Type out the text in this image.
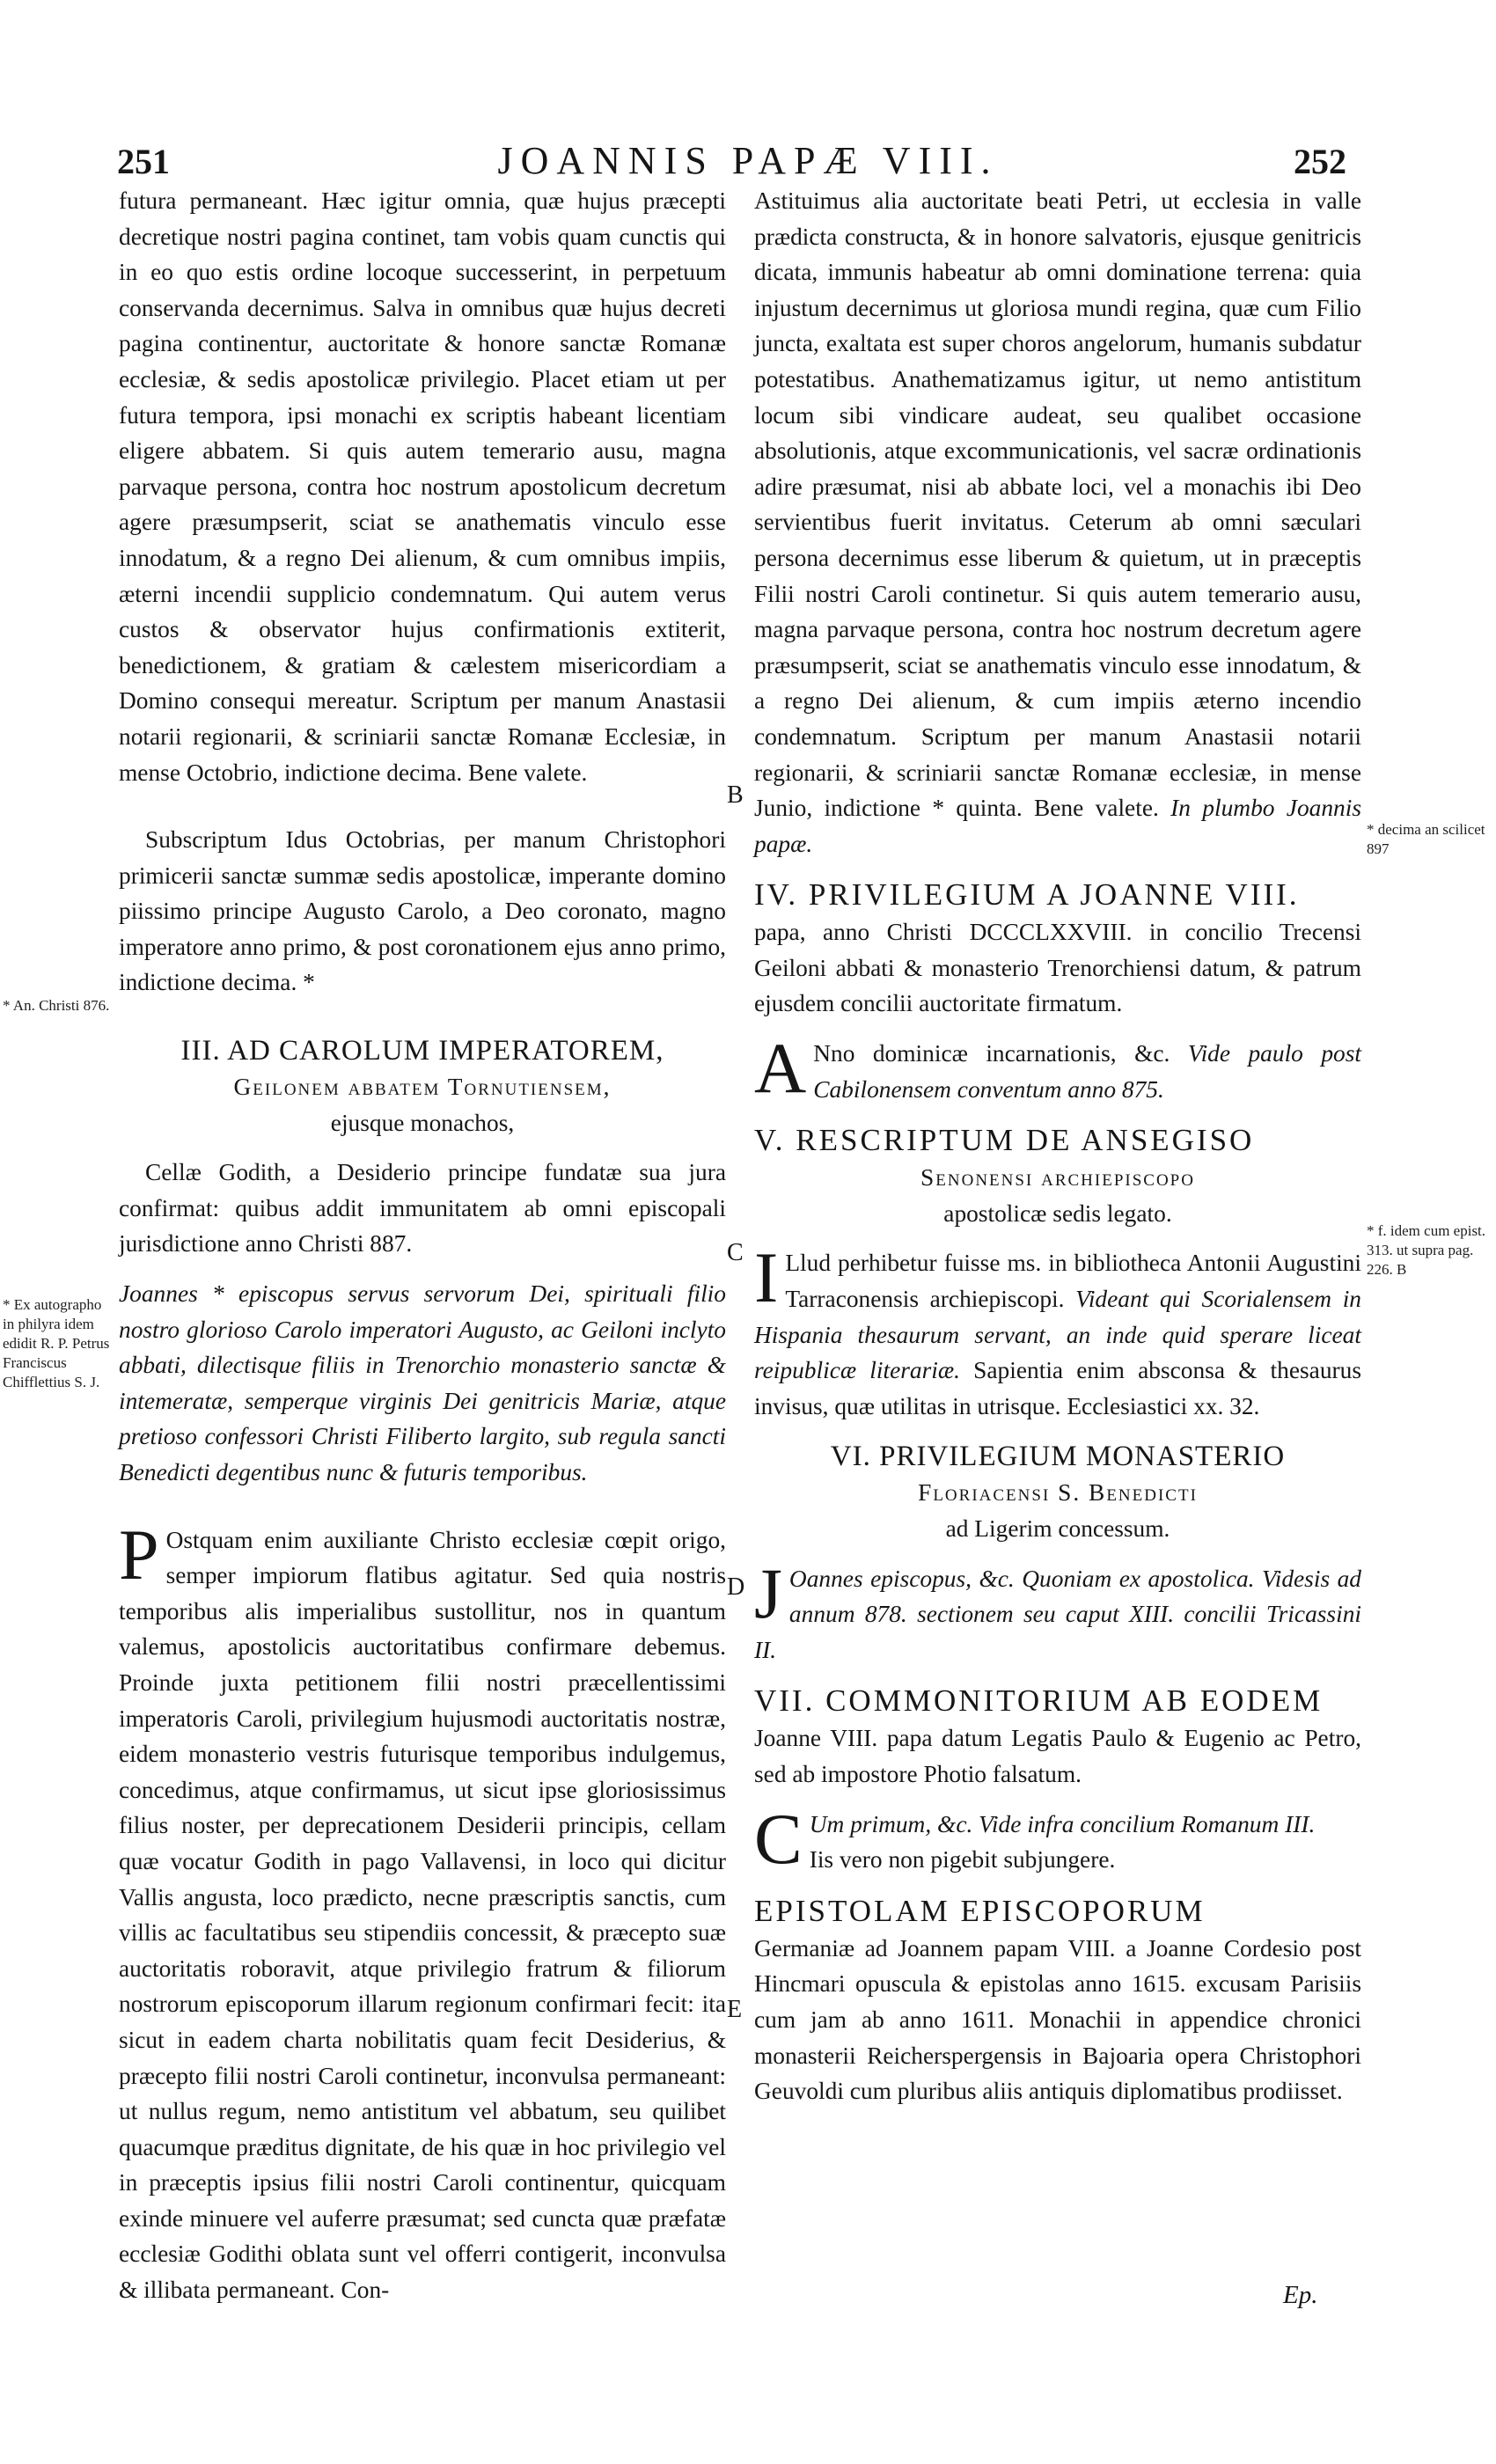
251	JOANNIS PAPÆ VIII.	252

futura permaneant. Hæc igitur omnia, quæ hujus præcepti decretique nostri pagina continet, tam vobis quam cunctis qui in eo quo estis ordine locoque successerint, in perpetuum conservanda decernimus. Salva in omnibus quæ hujus decreti pagina continentur, auctoritate & honore sanctæ Romanæ ecclesiæ, & sedis apostolicæ privilegio. Placet etiam ut per futura tempora, ipsi monachi ex scriptis habeant licentiam eligere abbatem. Si quis autem temerario ausu, magna parvaque persona, contra hoc nostrum apostolicum decretum agere præsumpserit, sciat se anathematis vinculo esse innodatum, & a regno Dei alienum, & cum omnibus impiis, æterni incendii supplicio condemnatum. Qui autem verus custos & observator hujus confirmationis extiterit, benedictionem, & gratiam & cælestem misericordiam a Domino consequi mereatur. Scriptum per manum Anastasii notarii regionarii, & scriniarii sanctæ Romanæ Ecclesiæ, in mense Octobrio, indictione decima. Bene valete.

Subscriptum Idus Octobrias, per manum Christophori primicerii sanctæ summæ sedis apostolicæ, imperante domino piissimo principe Augusto Carolo, a Deo coronato, magno imperatore anno primo, & post coronationem ejus anno primo, indictione decima. *

III. AD CAROLUM IMPERATOREM,
Geilonem abbatem Tornutiensem,
ejusque monachos,

Cellæ Godith, a Desiderio principe fundatæ sua jura confirmat: quibus addit immunitatem ab omni episcopali jurisdictione anno Christi 887.

Joannes * episcopus servus servorum Dei, spirituali filio nostro glorioso Carolo imperatori Augusto, ac Geiloni inclyto abbati, dilectisque filiis in Trenorchio monasterio sanctæ & intemeratæ, semperque virginis Dei genitricis Mariæ, atque pretioso confessori Christi Filiberto largito, sub regula sancti Benedicti degentibus nunc & futuris temporibus.

P Ostquam enim auxiliante Christo ecclesiæ cœpit origo, semper impiorum flatibus agitatur. Sed quia nostris temporibus alis imperialibus sustollitur, nos in quantum valemus, apostolicis auctoritatibus confirmare debemus. Proinde juxta petitionem filii nostri præcellentissimi imperatoris Caroli, privilegium hujusmodi auctoritatis nostræ, eidem monasterio vestris futurisque temporibus indulgemus, concedimus, atque confirmamus, ut sicut ipse gloriosissimus filius noster, per deprecationem Desiderii principis, cellam quæ vocatur Godith in pago Vallavensi, in loco qui dicitur Vallis angusta, loco prædicto, necne præscriptis sanctis, cum villis ac facultatibus seu stipendiis concessit, & præcepto suæ auctoritatis roboravit, atque privilegio fratrum & filiorum nostrorum episcoporum illarum regionum confirmari fecit: ita sicut in eadem charta nobilitatis quam fecit Desiderius, & præcepto filii nostri Caroli continetur, inconvulsa permaneant: ut nullus regum, nemo antistitum vel abbatum, seu quilibet quacumque præditus dignitate, de his quæ in hoc privilegio vel in præceptis ipsius filii nostri Caroli continentur, quicquam exinde minuere vel auferre præsumat; sed cuncta quæ præfatæ ecclesiæ Godithi oblata sunt vel offerri contigerit, inconvulsa & illibata permaneant. Con-

Astituimus alia auctoritate beati Petri, ut ecclesia in valle prædicta constructa, & in honore salvatoris, ejusque genitricis dicata, immunis habeatur ab omni dominatione terrena: quia injustum decernimus ut gloriosa mundi regina, quæ cum Filio juncta, exaltata est super choros angelorum, humanis subdatur potestatibus. Anathematizamus igitur, ut nemo antistitum locum sibi vindicare audeat, seu qualibet occasione absolutionis, atque excommunicationis, vel sacræ ordinationis adire præsumat, nisi ab abbate loci, vel a monachis ibi Deo servientibus fuerit invitatus. Ceterum ab omni sæculari persona decernimus esse liberum & quietum, ut in præceptis Filii nostri Caroli continetur. Si quis autem temerario ausu, magna parvaque persona, contra hoc nostrum decretum agere præsumpserit, sciat se anathematis vinculo esse innodatum, & a regno Dei alienum, & cum impiis æterno incendio condemnatum. Scriptum per manum Anastasii notarii regionarii, & scriniarii sanctæ Romanæ ecclesiæ, in mense Junio, indictione * quinta. Bene valete. In plumbo Joannis papæ.

IV. PRIVILEGIUM A JOANNE VIII.

papa, anno Christi DCCCLXXVIII. in concilio Trecensi Geiloni abbati & monasterio Trenorchiensi datum, & patrum ejusdem concilii auctoritate firmatum.

A Nno dominicæ incarnationis, &c. Vide paulo post Cabilonensem conventum anno 875.

V. RESCRIPTUM DE ANSEGISO
Senonensi archiepiscopo
apostolicæ sedis legato.

I Llud perhibetur fuisse ms. in bibliotheca Antonii Augustini Tarraconensis archiepiscopi. Videant qui Scorialensem in Hispania thesaurum servant, an inde quid sperare liceat reipublicæ literariæ. Sapientia enim absconsa & thesaurus invisus, quæ utilitas in utrisque. Ecclesiastici xx. 32.

VI. PRIVILEGIUM MONASTERIO
Floriacensi S. Benedicti
ad Ligerim concessum.

J Oannes episcopus, &c. Quoniam ex apostolica. Videsis ad annum 878. sectionem seu caput XIII. concilii Tricassini II.

VII. COMMONITORIUM AB EODEM

Joanne VIII. papa datum Legatis Paulo & Eugenio ac Petro, sed ab impostore Photio falsatum.

C Um primum, &c. Vide infra concilium Romanum III.

Iis vero non pigebit subjungere.

EPISTOLAM EPISCOPORUM

Germaniæ ad Joannem papam VIII. a Joanne Cordesio post Hincmari opuscula & epistolas anno 1615. excusam Parisiis cum jam ab anno 1611. Monachii in appendice chronici monasterii Reicherspergensis in Bajoaria opera Christophori Geuvoldi cum pluribus aliis antiquis diplomatibus prodiisset.

* An. Christi 876.
* Ex autographo in philyra idem edidit R. P. Petrus Franciscus Chifflettius S. J.
* decima an scilicet 897
* f. idem cum epist. 313. ut supra pag. 226. B
B
C
D
E
Ep.
